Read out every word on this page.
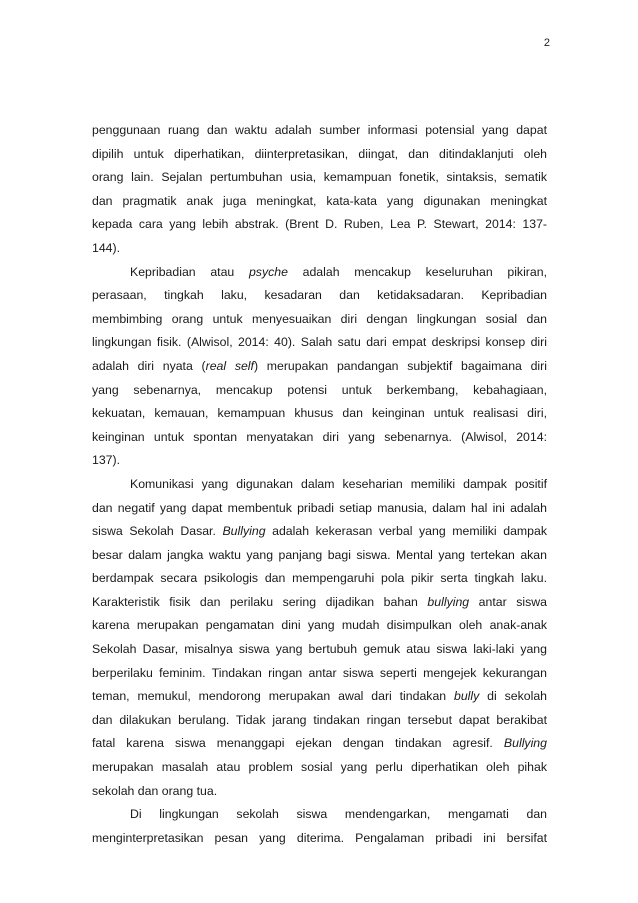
2
penggunaan ruang dan waktu adalah sumber informasi potensial yang dapat
dipilih untuk diperhatikan, diinterpretasikan, diingat, dan ditindaklanjuti oleh
orang lain. Sejalan pertumbuhan usia, kemampuan fonetik, sintaksis, sematik
dan pragmatik anak juga meningkat, kata-kata yang digunakan meningkat
kepada cara yang lebih abstrak. (Brent D. Ruben, Lea P. Stewart, 2014: 137-
144).
Kepribadian atau psyche adalah mencakup keseluruhan pikiran,
perasaan, tingkah laku, kesadaran dan ketidaksadaran. Kepribadian
membimbing orang untuk menyesuaikan diri dengan lingkungan sosial dan
lingkungan fisik. (Alwisol, 2014: 40). Salah satu dari empat deskripsi konsep diri
adalah diri nyata (real self) merupakan pandangan subjektif bagaimana diri
yang sebenarnya, mencakup potensi untuk berkembang, kebahagiaan,
kekuatan, kemauan, kemampuan khusus dan keinginan untuk realisasi diri,
keinginan untuk spontan menyatakan diri yang sebenarnya. (Alwisol, 2014:
137).
Komunikasi yang digunakan dalam keseharian memiliki dampak positif
dan negatif yang dapat membentuk pribadi setiap manusia, dalam hal ini adalah
siswa Sekolah Dasar. Bullying adalah kekerasan verbal yang memiliki dampak
besar dalam jangka waktu yang panjang bagi siswa. Mental yang tertekan akan
berdampak secara psikologis dan mempengaruhi pola pikir serta tingkah laku.
Karakteristik fisik dan perilaku sering dijadikan bahan bullying antar siswa
karena merupakan pengamatan dini yang mudah disimpulkan oleh anak-anak
Sekolah Dasar, misalnya siswa yang bertubuh gemuk atau siswa laki-laki yang
berperilaku feminim. Tindakan ringan antar siswa seperti mengejek kekurangan
teman, memukul, mendorong merupakan awal dari tindakan bully di sekolah
dan dilakukan berulang. Tidak jarang tindakan ringan tersebut dapat berakibat
fatal karena siswa menanggapi ejekan dengan tindakan agresif. Bullying
merupakan masalah atau problem sosial yang perlu diperhatikan oleh pihak
sekolah dan orang tua.
Di lingkungan sekolah siswa mendengarkan, mengamati dan
menginterpretasikan pesan yang diterima. Pengalaman pribadi ini bersifat
